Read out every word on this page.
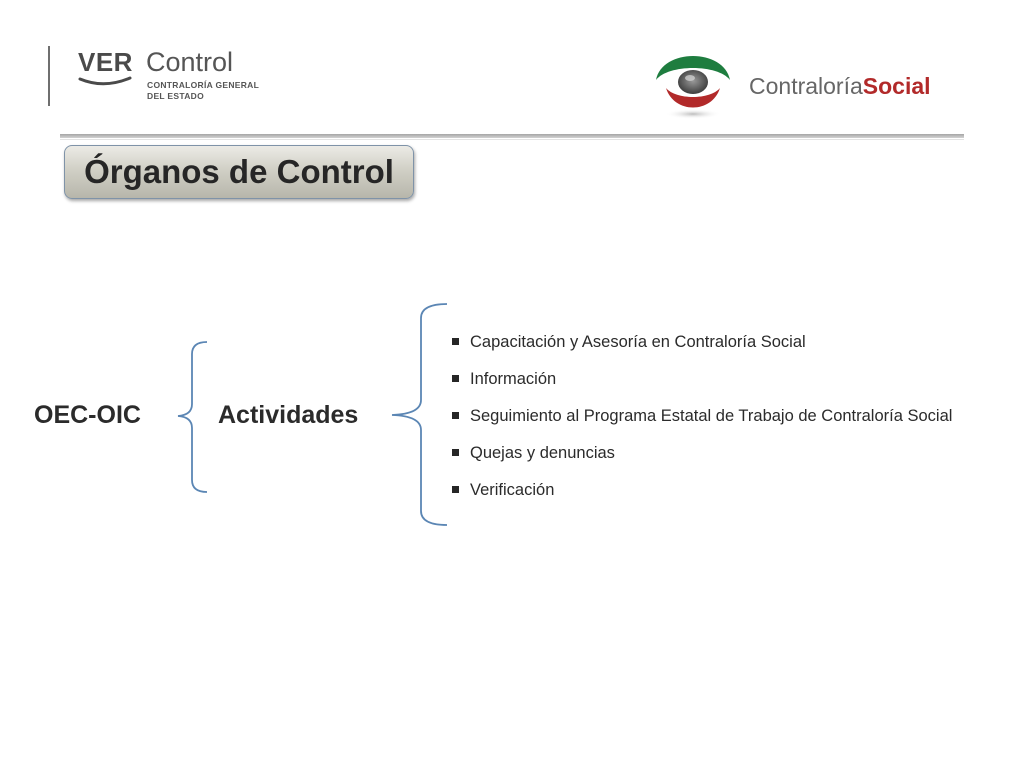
VER Control
CONTRALORÍA GENERAL
DEL ESTADO	ContraloríaSocial
Órganos de Control
OEC-OIC	Actividades
Capacitación y Asesoría en Contraloría Social
Información
Seguimiento al Programa Estatal de Trabajo de Contraloría Social
Quejas y denuncias
Verificación
